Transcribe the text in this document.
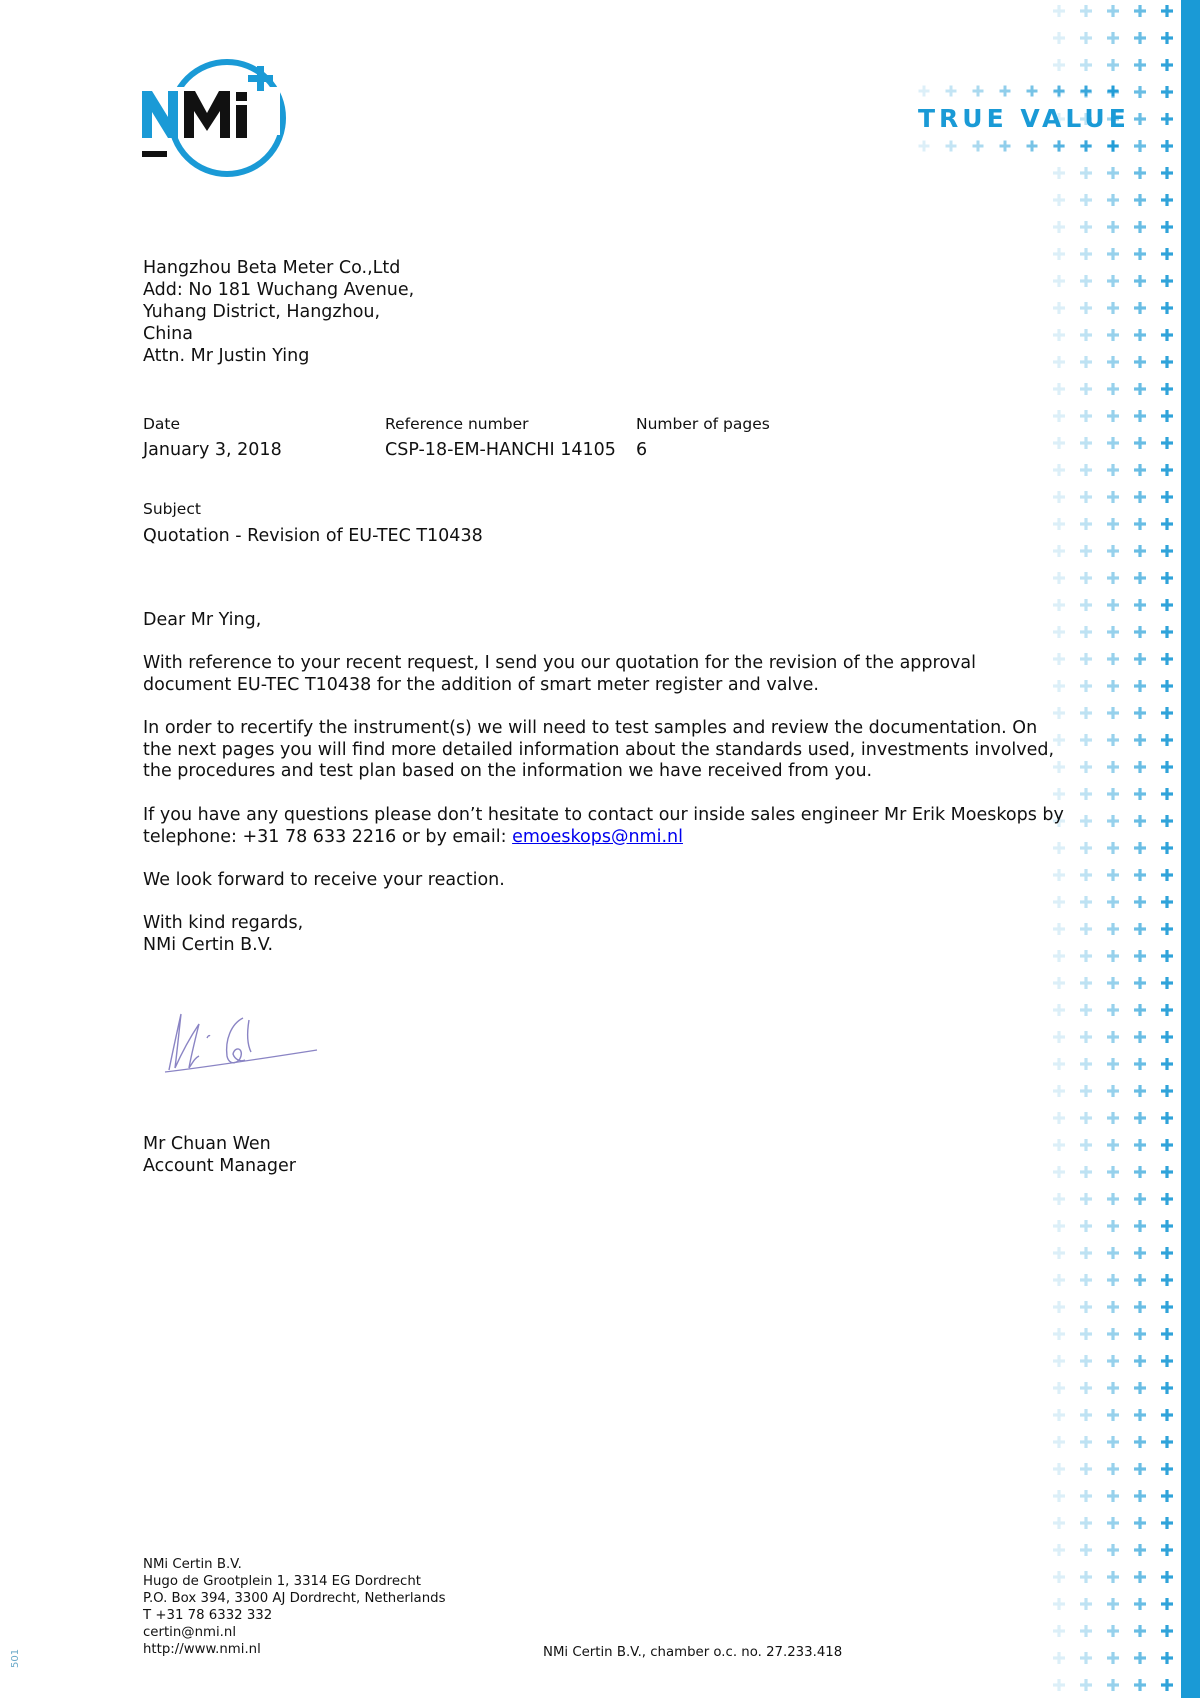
TRUE VALUE
Hangzhou Beta Meter Co.,Ltd
Add: No 181 Wuchang Avenue,
Yuhang District, Hangzhou,
China
Attn. Mr Justin Ying
Date
January 3, 2018
Reference number
CSP-18-EM-HANCHI 14105
Number of pages
6
Subject
Quotation - Revision of EU-TEC T10438
Dear Mr Ying,
With reference to your recent request, I send you our quotation for the revision of the approval
document EU-TEC T10438 for the addition of smart meter register and valve.
In order to recertify the instrument(s) we will need to test samples and review the documentation. On
the next pages you will find more detailed information about the standards used, investments involved,
the procedures and test plan based on the information we have received from you.
If you have any questions please don’t hesitate to contact our inside sales engineer Mr Erik Moeskops by
telephone: +31 78 633 2216 or by email: emoeskops@nmi.nl
We look forward to receive your reaction.
With kind regards,
NMi Certin B.V.
Mr Chuan Wen
Account Manager
NMi Certin B.V.
Hugo de Grootplein 1, 3314 EG Dordrecht
P.O. Box 394, 3300 AJ Dordrecht, Netherlands
T +31 78 6332 332
certin@nmi.nl
http://www.nmi.nl	NMi Certin B.V., chamber o.c. no. 27.233.418
501
